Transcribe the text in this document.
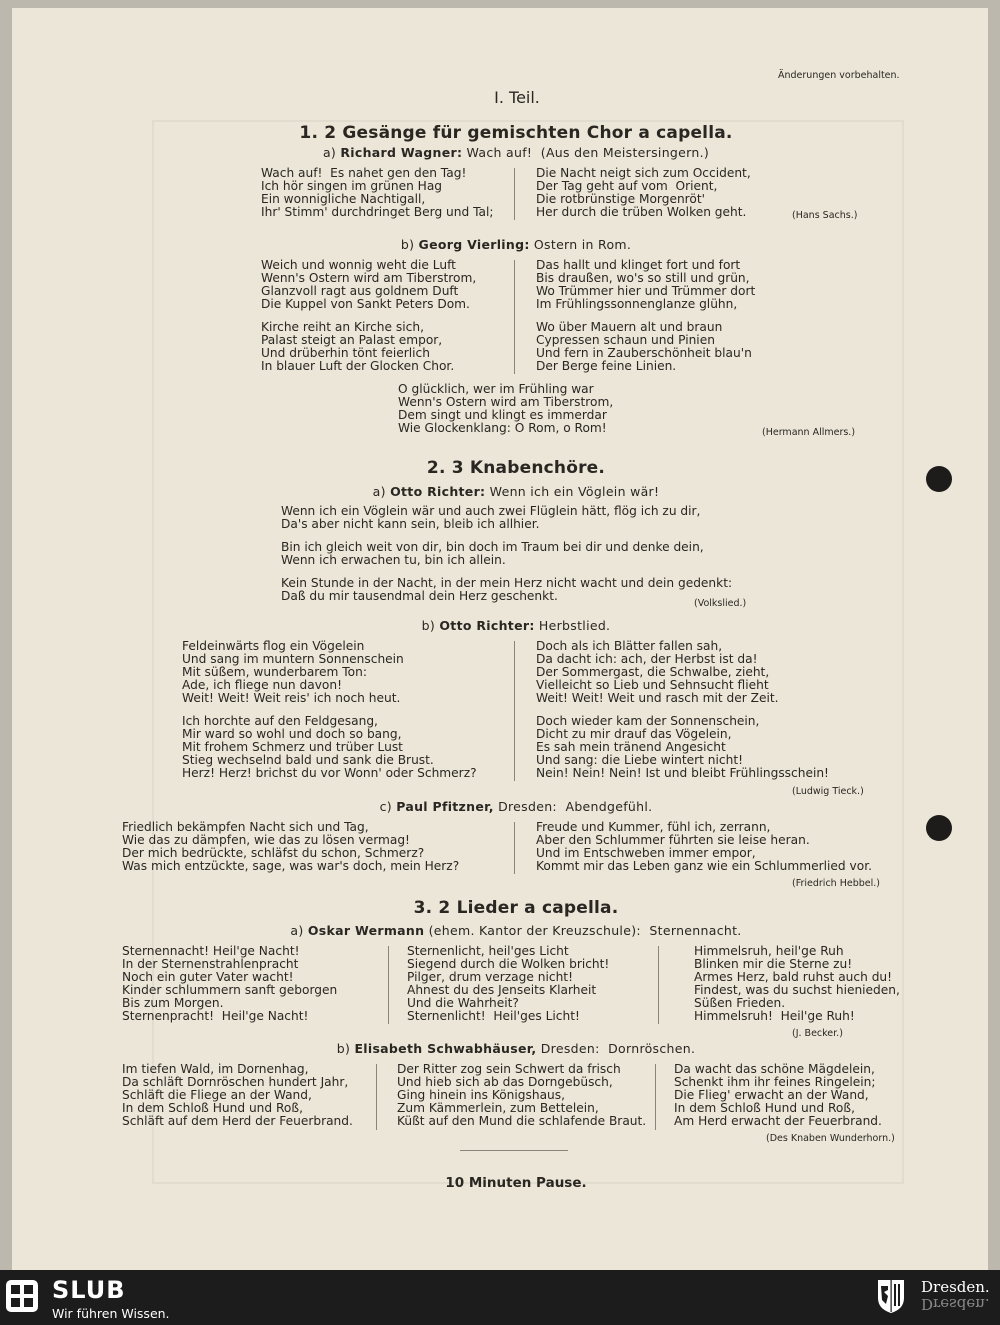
Änderungen vorbehalten.
I. Teil.
1. 2 Gesänge für gemischten Chor a capella.
a) Richard Wagner: Wach auf!  (Aus den Meistersingern.)
Wach auf!  Es nahet gen den Tag!
Ich hör singen im grünen Hag
Ein wonnigliche Nachtigall,
Ihr' Stimm' durchdringet Berg und Tal;
Die Nacht neigt sich zum Occident,
Der Tag geht auf vom  Orient,
Die rotbrünstige Morgenröt'
Her durch die trüben Wolken geht.	(Hans Sachs.)
b) Georg Vierling: Ostern in Rom.
Weich und wonnig weht die Luft
Wenn's Ostern wird am Tiberstrom,
Glanzvoll ragt aus goldnem Duft
Die Kuppel von Sankt Peters Dom.
Das hallt und klinget fort und fort
Bis draußen, wo's so still und grün,
Wo Trümmer hier und Trümmer dort
Im Frühlingssonnenglanze glühn,
Kirche reiht an Kirche sich,
Palast steigt an Palast empor,
Und drüberhin tönt feierlich
In blauer Luft der Glocken Chor.
Wo über Mauern alt und braun
Cypressen schaun und Pinien
Und fern in Zauberschönheit blau'n
Der Berge feine Linien.
O glücklich, wer im Frühling war
Wenn's Ostern wird am Tiberstrom,
Dem singt und klingt es immerdar
Wie Glockenklang: O Rom, o Rom!	(Hermann Allmers.)
2. 3 Knabenchöre.
a) Otto Richter: Wenn ich ein Vöglein wär!
Wenn ich ein Vöglein wär und auch zwei Flüglein hätt, flög ich zu dir,
Da's aber nicht kann sein, bleib ich allhier.
Bin ich gleich weit von dir, bin doch im Traum bei dir und denke dein,
Wenn ich erwachen tu, bin ich allein.
Kein Stunde in der Nacht, in der mein Herz nicht wacht und dein gedenkt:
Daß du mir tausendmal dein Herz geschenkt.
(Volkslied.)
b) Otto Richter: Herbstlied.
Feldeinwärts flog ein Vögelein
Und sang im muntern Sonnenschein
Mit süßem, wunderbarem Ton:
Ade, ich fliege nun davon!
Weit! Weit! Weit reis' ich noch heut.
Doch als ich Blätter fallen sah,
Da dacht ich: ach, der Herbst ist da!
Der Sommergast, die Schwalbe, zieht,
Vielleicht so Lieb und Sehnsucht flieht
Weit! Weit! Weit und rasch mit der Zeit.
Ich horchte auf den Feldgesang,
Mir ward so wohl und doch so bang,
Mit frohem Schmerz und trüber Lust
Stieg wechselnd bald und sank die Brust.
Herz! Herz! brichst du vor Wonn' oder Schmerz?
Doch wieder kam der Sonnenschein,
Dicht zu mir drauf das Vögelein,
Es sah mein tränend Angesicht
Und sang: die Liebe wintert nicht!
Nein! Nein! Nein! Ist und bleibt Frühlingsschein!
(Ludwig Tieck.)
c) Paul Pfitzner, Dresden:  Abendgefühl.
Friedlich bekämpfen Nacht sich und Tag,
Wie das zu dämpfen, wie das zu lösen vermag!
Der mich bedrückte, schläfst du schon, Schmerz?
Was mich entzückte, sage, was war's doch, mein Herz?
Freude und Kummer, fühl ich, zerrann,
Aber den Schlummer führten sie leise heran.
Und im Entschweben immer empor,
Kommt mir das Leben ganz wie ein Schlummerlied vor.
(Friedrich Hebbel.)
3. 2 Lieder a capella.
a) Oskar Wermann (ehem. Kantor der Kreuzschule):  Sternennacht.
Sternennacht! Heil'ge Nacht!
In der Sternenstrahlenpracht
Noch ein guter Vater wacht!
Kinder schlummern sanft geborgen
Bis zum Morgen.
Sternenpracht!  Heil'ge Nacht!
Sternenlicht, heil'ges Licht
Siegend durch die Wolken bricht!
Pilger, drum verzage nicht!
Ahnest du des Jenseits Klarheit
Und die Wahrheit?
Sternenlicht!  Heil'ges Licht!
Himmelsruh, heil'ge Ruh
Blinken mir die Sterne zu!
Armes Herz, bald ruhst auch du!
Findest, was du suchst hienieden,
Süßen Frieden.
Himmelsruh!  Heil'ge Ruh!
(J. Becker.)
b) Elisabeth Schwabhäuser, Dresden:  Dornröschen.
Im tiefen Wald, im Dornenhag,
Da schläft Dornröschen hundert Jahr,
Schläft die Fliege an der Wand,
In dem Schloß Hund und Roß,
Schläft auf dem Herd der Feuerbrand.
Der Ritter zog sein Schwert da frisch
Und hieb sich ab das Dorngebüsch,
Ging hinein ins Königshaus,
Zum Kämmerlein, zum Bettelein,
Küßt auf den Mund die schlafende Braut.
Da wacht das schöne Mägdelein,
Schenkt ihm ihr feines Ringelein;
Die Flieg' erwacht an der Wand,
In dem Schloß Hund und Roß,
Am Herd erwacht der Feuerbrand.
(Des Knaben Wunderhorn.)
10 Minuten Pause.
SLUB
Wir führen Wissen.
Dresden.
Dresden.
